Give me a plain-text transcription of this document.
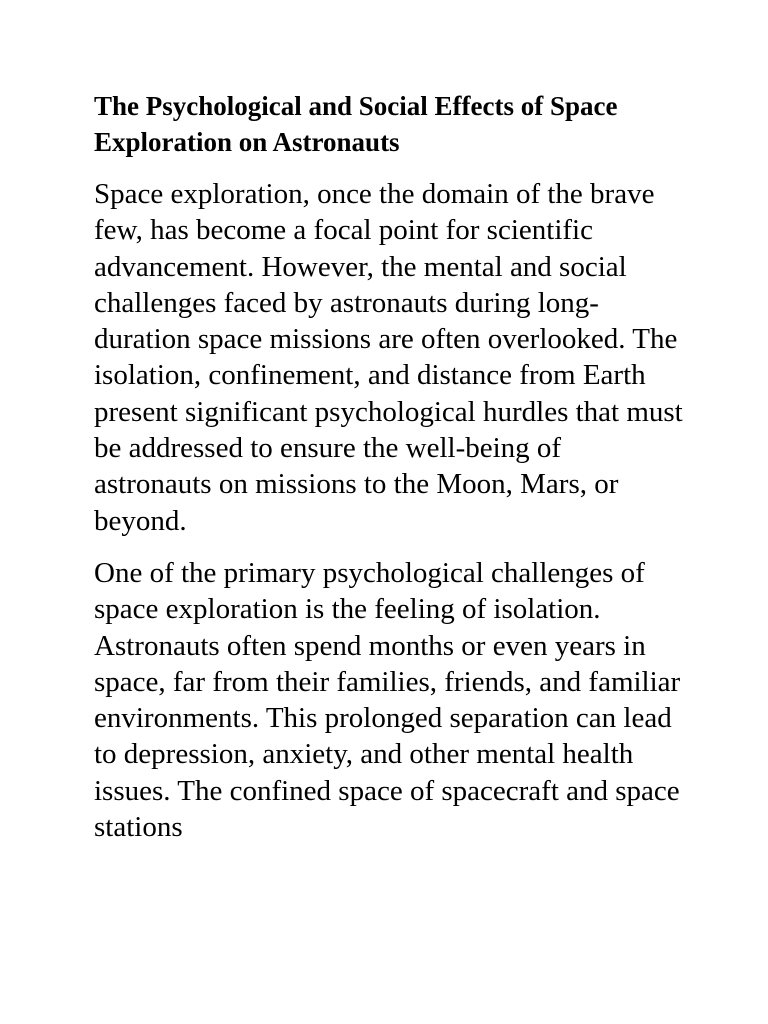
The Psychological and Social Effects of Space Exploration on Astronauts

Space exploration, once the domain of the brave few, has become a focal point for scientific advancement. However, the mental and social challenges faced by astronauts during long-duration space missions are often overlooked. The isolation, confinement, and distance from Earth present significant psychological hurdles that must be addressed to ensure the well-being of astronauts on missions to the Moon, Mars, or beyond.

One of the primary psychological challenges of space exploration is the feeling of isolation. Astronauts often spend months or even years in space, far from their families, friends, and familiar environments. This prolonged separation can lead to depression, anxiety, and other mental health issues. The confined space of spacecraft and space stations
